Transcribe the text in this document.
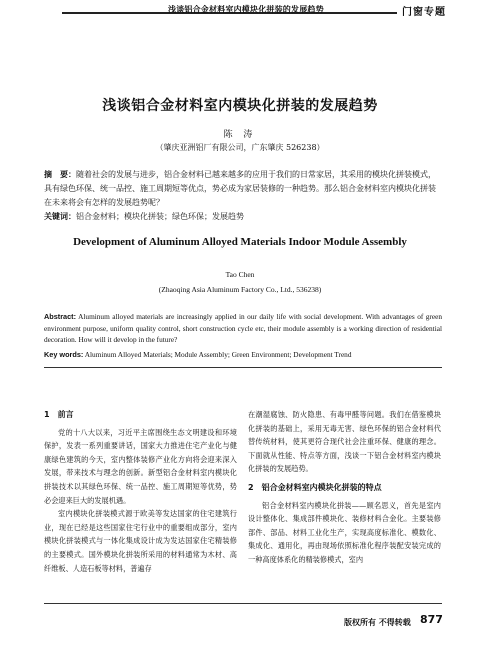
浅谈铝合金材料室内模块化拼装的发展趋势	门窗专题
浅谈铝合金材料室内模块化拼装的发展趋势
陈 涛
（肇庆亚洲铝厂有限公司，广东肇庆 526238）
摘　要：随着社会的发展与进步，铝合金材料已越来越多的应用于我们的日常家居，其采用的模块化拼装模式，具有绿色环保、统一品控、施工周期短等优点，势必成为家居装修的一种趋势。那么铝合金材料室内模块化拼装在未来将会有怎样的发展趋势呢？
关键词：铝合金材料；模块化拼装；绿色环保；发展趋势
Development of Aluminum Alloyed Materials Indoor Module Assembly
Tao Chen
(Zhaoqing Asia Aluminum Factory Co., Ltd., 536238)
Abstract: Aluminum alloyed materials are increasingly applied in our daily life with social development. With advantages of green environment purpose, uniform quality control, short construction cycle etc, their module assembly is a working direction of residential decoration. How will it develop in the future?
Key words: Aluminum Alloyed Materials; Module Assembly; Green Environment; Development Trend
1　前言

党的十八大以来，习近平主席围绕生态文明建设和环境保护，发表一系列重要讲话，国家大力推进住宅产业化与健康绿色建筑的今天，室内整体装修产业化方向将会迎来深入发展，带来技术与理念的创新。新型铝合金材料室内模块化拼装技术以其绿色环保、统一品控、施工周期短等优势，势必会迎来巨大的发展机遇。

室内模块化拼装模式源于欧美等发达国家的住宅建筑行业，现在已经是这些国家住宅行业中的重要组成部分，室内模块化拼装模式与一体化集成设计成为发达国家住宅精装修的主要模式。国外模块化拼装所采用的材料通常为木材、高纤维板、人造石板等材料，普遍存

在潮湿腐蚀、防火隐患、有毒甲醛等问题。我们在借鉴模块化拼装的基础上，采用无毒无害、绿色环保的铝合金材料代替传统材料，使其更符合现代社会注重环保、健康的理念。下面就从性能、特点等方面，浅谈一下铝合金材料室内模块化拼装的发展趋势。

2　铝合金材料室内模块化拼装的特点

铝合金材料室内模块化拼装——顾名思义，首先是室内设计整体化、集成部件模块化、装修材料合金化。主要装修部件、部品、材料工业化生产，实现高度标准化、模数化、集成化、通用化，再由现场依照标准化程序装配安装完成的一种高度体系化的精装修模式，室内

版权所有 不得转载 877
